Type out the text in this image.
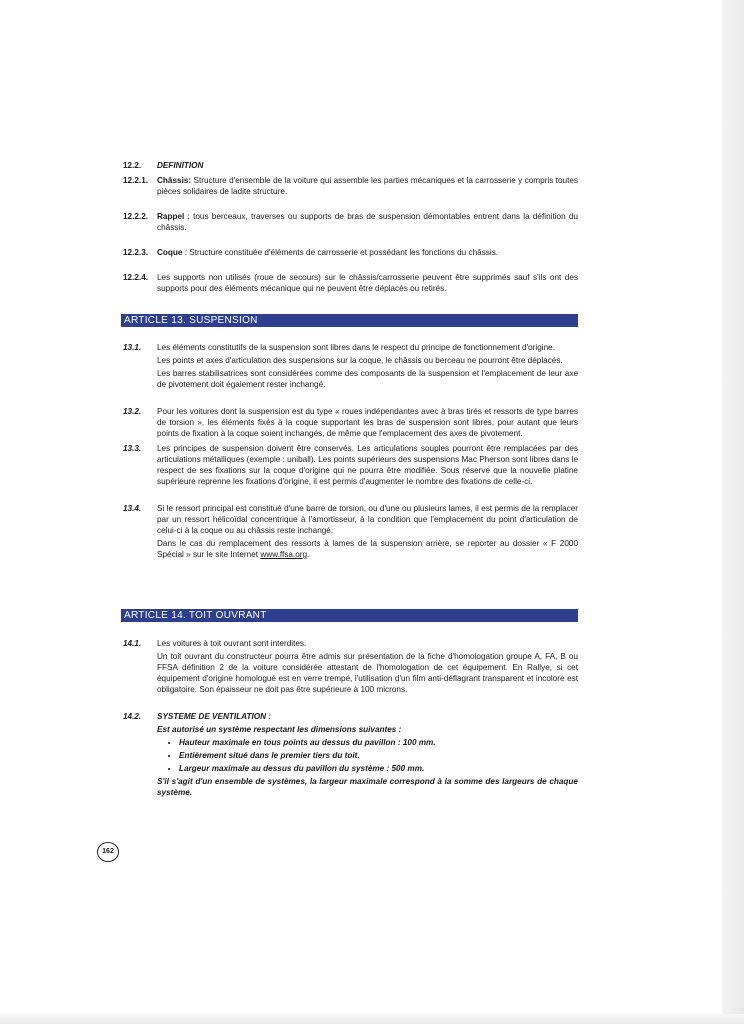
12.2.	DEFINITION
12.2.1.	Châssis: Structure d'ensemble de la voiture qui assemble les parties mécaniques et la carrosserie y compris toutes pièces solidaires de ladite structure.
12.2.2.	Rappel : tous berceaux, traverses ou supports de bras de suspension démontables entrent dans la définition du châssis.
12.2.3.	Coque : Structure constituée d'éléments de carrosserie et possédant les fonctions du châssis.
12.2.4.	Les supports non utilisés (roue de secours) sur le châssis/carrosserie peuvent être supprimés sauf s'ils ont des supports pour des éléments mécanique qui ne peuvent être déplacés ou retirés.
ARTICLE 13. SUSPENSION
13.1.	Les éléments constitutifs de la suspension sont libres dans le respect du principe de fonctionnement d'origine.

Les points et axes d'articulation des suspensions sur la coque, le châssis ou berceau ne pourront être déplacés.

Les barres stabilisatrices sont considérées comme des composants de la suspension et l'emplacement de leur axe de pivotement doit également rester inchangé.

13.2.	Pour les voitures dont la suspension est du type « roues indépendantes avec à bras tirés et ressorts de type barres de torsion », les éléments fixés à la coque supportant les bras de suspension sont libres, pour autant que leurs points de fixation à la coque soient inchangés, de même que l'emplacement des axes de pivotement.

13.3.	Les principes de suspension doivent être conservés. Les articulations souples pourront être remplacées par des articulations métalliques (exemple : uniball). Les points supérieurs des suspensions Mac Pherson sont libres dans le respect de ses fixations sur la coque d'origine qui ne pourra être modifiée. Sous réserve que la nouvelle platine supérieure reprenne les fixations d'origine, il est permis d'augmenter le nombre des fixations de celle-ci.

13.4.	Si le ressort principal est constitué d'une barre de torsion, ou d'une ou plusieurs lames, il est permis de la remplacer par un ressort hélicoïdal concentrique à l'amortisseur, à la condition que l'emplacement du point d'articulation de celui-ci à la coque ou au châssis reste inchangé.

Dans le cas du remplacement des ressorts à lames de la suspension arrière, se reporter au dossier « F 2000 Spécial » sur le site Internet www.ffsa.org.

ARTICLE 14. TOIT OUVRANT
14.1.	Les voitures à toit ouvrant sont interdites.

Un toit ouvrant du constructeur pourra être admis sur présentation de la fiche d'homologation groupe A, FA, B ou FFSA définition 2 de la voiture considérée attestant de l'homologation de cet équipement. En Rallye, si cet équipement d'origine homologué est en verre trempé, l'utilisation d'un film anti-déflagrant transparent et incolore est obligatoire. Son épaisseur ne doit pas être supérieure à 100 microns.

14.2.	SYSTEME DE VENTILATION :

Est autorisé un système respectant les dimensions suivantes :

• Hauteur maximale en tous points au dessus du pavillon : 100 mm.
• Entièrement situé dans le premier tiers du toit.
• Largeur maximale au dessus du pavillon du système : 500 mm.

S'il s'agit d'un ensemble de systèmes, la largeur maximale correspond à la somme des largeurs de chaque système.

162
